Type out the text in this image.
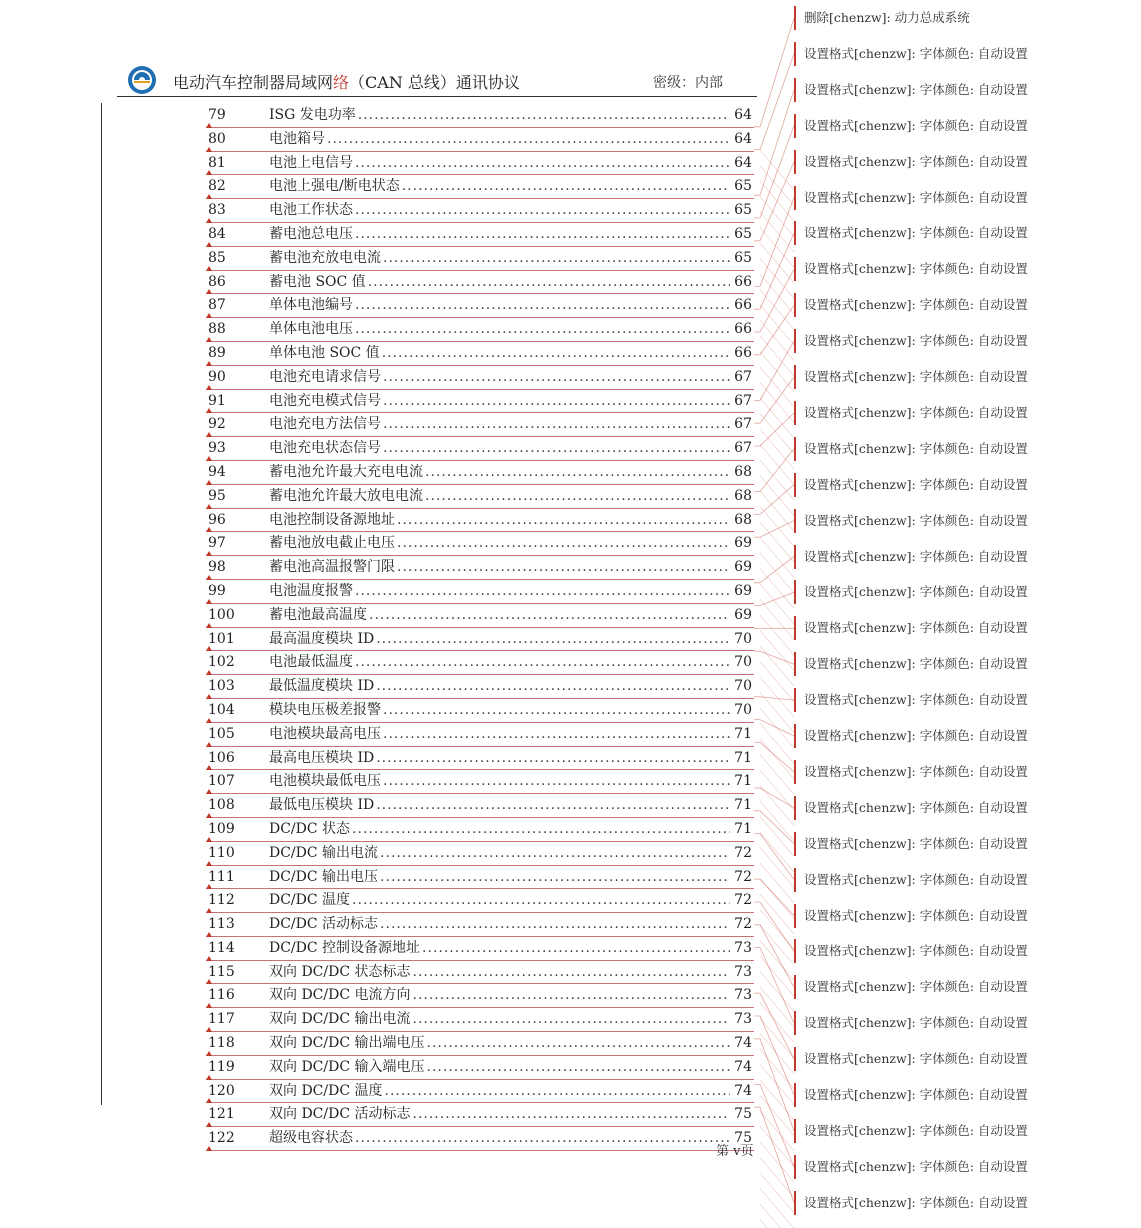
电动汽车控制器局域网络（CAN 总线）通讯协议	密级：内部
79	ISG 发电功率 .....	64
80	电池箱号 .....	64
81	电池上电信号 .....	64
82	电池上强电/断电状态 .....	65
83	电池工作状态 .....	65
84	蓄电池总电压 .....	65
85	蓄电池充放电电流 .....	65
86	蓄电池 SOC 值 .....	66
87	单体电池编号 .....	66
88	单体电池电压 .....	66
89	单体电池 SOC 值 .....	66
90	电池充电请求信号 .....	67
91	电池充电模式信号 .....	67
92	电池充电方法信号 .....	67
93	电池充电状态信号 .....	67
94	蓄电池允许最大充电电流 .....	68
95	蓄电池允许最大放电电流 .....	68
96	电池控制设备源地址 .....	68
97	蓄电池放电截止电压 .....	69
98	蓄电池高温报警门限 .....	69
99	电池温度报警 .....	69
100 蓄电池最高温度 .....	69
101 最高温度模块 ID .....	70
102 电池最低温度 .....	70
103 最低温度模块 ID .....	70
104 模块电压极差报警 .....	70
105 电池模块最高电压 .....	71
106 最高电压模块 ID .....	71
107 电池模块最低电压 .....	71
108 最低电压模块 ID .....	71
109 DC/DC 状态 .....	71
110 DC/DC 输出电流 .....	72
111 DC/DC 输出电压 .....	72
112 DC/DC 温度 .....	72
113 DC/DC 活动标志 .....	72
114 DC/DC 控制设备源地址 .....	73
115 双向 DC/DC 状态标志 .....	73
116 双向 DC/DC 电流方向 .....	73
117 双向 DC/DC 输出电流 .....	73
118 双向 DC/DC 输出端电压 .....	74
119 双向 DC/DC 输入端电压 .....	74
120 双向 DC/DC 温度 .....	74
121 双向 DC/DC 活动标志 .....	75
122 超级电容状态 .....	75
第 v页
删除[chenzw]: 动力总成系统
设置格式[chenzw]: 字体颜色: 自动设置
设置格式[chenzw]: 字体颜色: 自动设置
设置格式[chenzw]: 字体颜色: 自动设置
设置格式[chenzw]: 字体颜色: 自动设置
设置格式[chenzw]: 字体颜色: 自动设置
设置格式[chenzw]: 字体颜色: 自动设置
设置格式[chenzw]: 字体颜色: 自动设置
设置格式[chenzw]: 字体颜色: 自动设置
设置格式[chenzw]: 字体颜色: 自动设置
设置格式[chenzw]: 字体颜色: 自动设置
设置格式[chenzw]: 字体颜色: 自动设置
设置格式[chenzw]: 字体颜色: 自动设置
设置格式[chenzw]: 字体颜色: 自动设置
设置格式[chenzw]: 字体颜色: 自动设置
设置格式[chenzw]: 字体颜色: 自动设置
设置格式[chenzw]: 字体颜色: 自动设置
设置格式[chenzw]: 字体颜色: 自动设置
设置格式[chenzw]: 字体颜色: 自动设置
设置格式[chenzw]: 字体颜色: 自动设置
设置格式[chenzw]: 字体颜色: 自动设置
设置格式[chenzw]: 字体颜色: 自动设置
设置格式[chenzw]: 字体颜色: 自动设置
设置格式[chenzw]: 字体颜色: 自动设置
设置格式[chenzw]: 字体颜色: 自动设置
设置格式[chenzw]: 字体颜色: 自动设置
设置格式[chenzw]: 字体颜色: 自动设置
设置格式[chenzw]: 字体颜色: 自动设置
设置格式[chenzw]: 字体颜色: 自动设置
设置格式[chenzw]: 字体颜色: 自动设置
设置格式[chenzw]: 字体颜色: 自动设置
设置格式[chenzw]: 字体颜色: 自动设置
设置格式[chenzw]: 字体颜色: 自动设置
设置格式[chenzw]: 字体颜色: 自动设置
